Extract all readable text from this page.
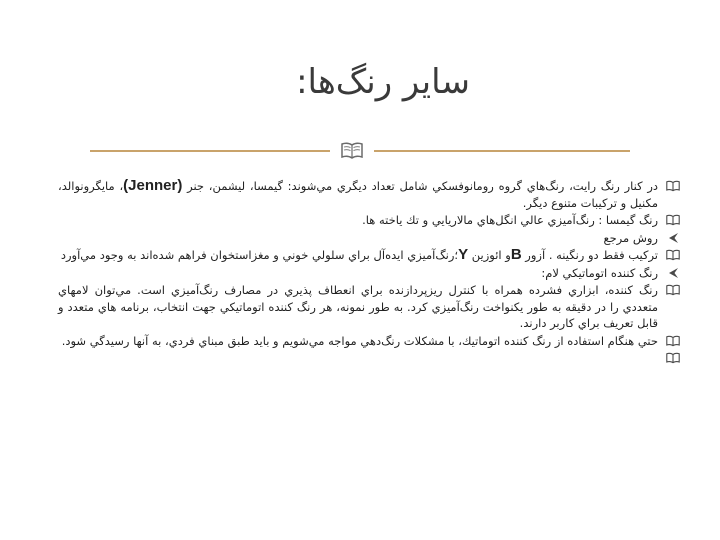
ساير رنگ‌ها:
در كنار رنگ رايت، رنگ‌هاي گروه رومانوفسكي شامل تعداد ديگري مي‌شوند: گيمسا، ليشمن، جنر (Jenner)، مايگرونوالد، مكنيل و تركيبات متنوع ديگر.
رنگ گيمسا : رنگ‌آميزي عالي انگل‌هاي مالاريايي و تك ياخته ها.
روش مرجع
تركيب فقط دو رنگينه . آزور Bو ائوزين Y؛رنگ‌آميزي ايده‌آل براي سلولي خوني و مغزاستخوان فراهم شده‌اند به وجود مي‌آورد
رنگ كننده اتوماتيكي لام:
رنگ كننده، ابزاري فشرده همراه با كنترل ريزپردازنده براي انعطاف پذيري در مصارف رنگ‌آميزي است. مي‌توان لامهاي متعددي را در دقيقه به طور يكنواخت رنگ‌آميزي كرد. به طور نمونه، هر رنگ كننده اتوماتيكي جهت انتخاب، برنامه هاي متعدد و قابل تعريف براي كاربر دارند.
حتي هنگام استفاده از رنگ كننده اتوماتيك، با مشكلات رنگ‌دهي مواجه مي‌شويم و بايد طبق مبناي فردي، به آنها رسيدگي شود.
